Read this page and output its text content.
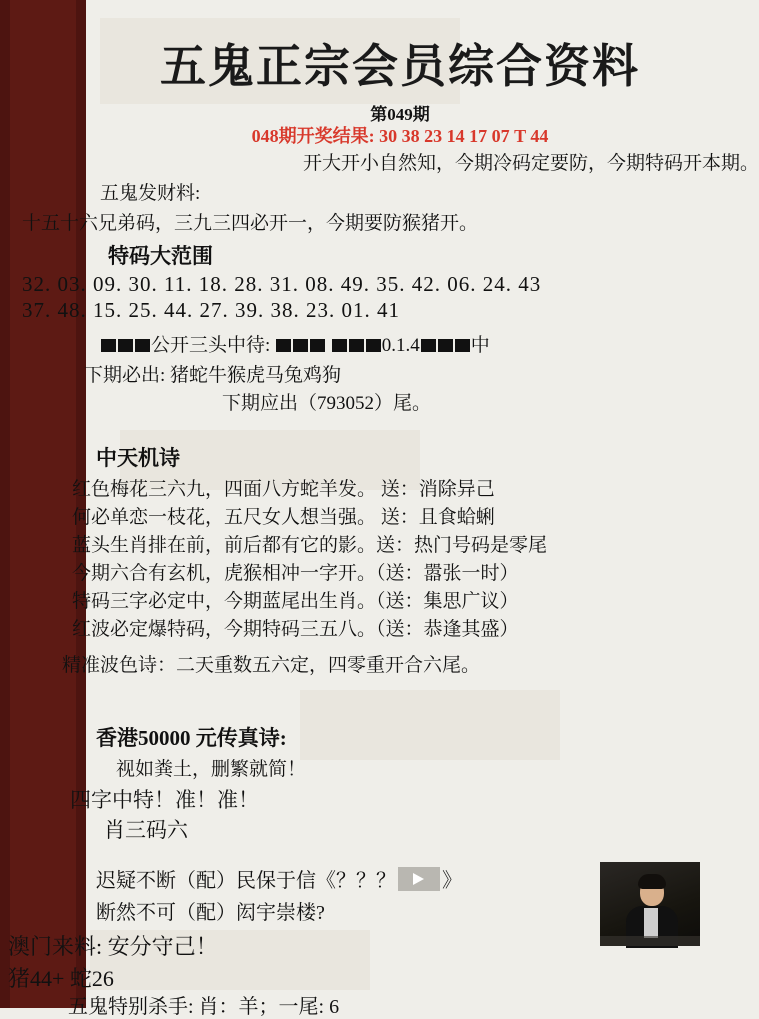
五鬼正宗会员综合资料
第049期
048期开奖结果: 30 38 23 14 17 07 T 44
开大开小自然知，今期冷码定要防，今期特码开本期。
五鬼发财料:
十五十六兄弟码，三九三四必开一，今期要防猴猪开。
特码大范围
32. 03. 09. 30. 11. 18. 28. 31. 08. 49. 35. 42. 06. 24. 43
37. 48. 15. 25. 44. 27. 39. 38. 23. 01. 41
公开三头中待:	0.1.4	中
下期必出: 猪蛇牛猴虎马兔鸡狗
下期应出（793052）尾。
中天机诗
红色梅花三六九，四面八方蛇羊发。 送：消除异己
何必单恋一枝花，五尺女人想当强。 送：且食蛤蜊
蓝头生肖排在前，前后都有它的影。送：热门号码是零尾
今期六合有玄机，虎猴相冲一字开。（送：嚣张一时）
特码三字必定中，今期蓝尾出生肖。（送：集思广议）
红波必定爆特码，今期特码三五八。（送：恭逢其盛）
精准波色诗：二天重数五六定，四零重开合六尾。
香港50000 元传真诗:
视如粪土，删繁就简！
四字中特！准！准！
肖三码六
迟疑不断（配）民保于信《？？？ 》
断然不可（配）闳宇崇楼?
澳门来料: 安分守己！
猪44+ 蛇26
五鬼特别杀手: 肖：羊；一尾: 6
